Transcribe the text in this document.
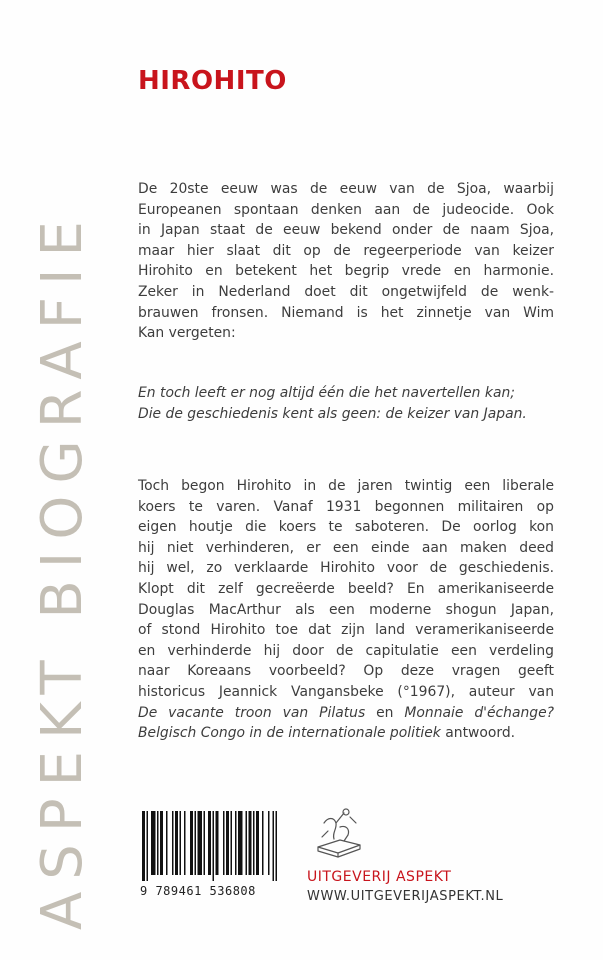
ASPEKT BIOGRAFIE
HIROHITO
De 20ste eeuw was de eeuw van de Sjoa, waarbij
Europeanen spontaan denken aan de judeocide. Ook
in Japan staat de eeuw bekend onder de naam Sjoa,
maar hier slaat dit op de regeerperiode van keizer
Hirohito en betekent het begrip vrede en harmonie.
Zeker in Nederland doet dit ongetwijfeld de wenk-
brauwen fronsen. Niemand is het zinnetje van Wim
Kan vergeten:
En toch leeft er nog altijd één die het navertellen kan;
Die de geschiedenis kent als geen: de keizer van Japan.
Toch begon Hirohito in de jaren twintig een liberale
koers te varen. Vanaf 1931 begonnen militairen op
eigen houtje die koers te saboteren. De oorlog kon
hij niet verhinderen, er een einde aan maken deed
hij wel, zo verklaarde Hirohito voor de geschiedenis.
Klopt dit zelf gecreëerde beeld? En amerikaniseerde
Douglas MacArthur als een moderne shogun Japan,
of stond Hirohito toe dat zijn land veramerikaniseerde
en verhinderde hij door de capitulatie een verdeling
naar Koreaans voorbeeld? Op deze vragen geeft
historicus Jeannick Vangansbeke (°1967), auteur van
De vacante troon van Pilatus en Monnaie d'échange?
Belgisch Congo in de internationale politiek antwoord.
9 789461 536808
UITGEVERIJ ASPEKT
WWW.UITGEVERIJASPEKT.NL
